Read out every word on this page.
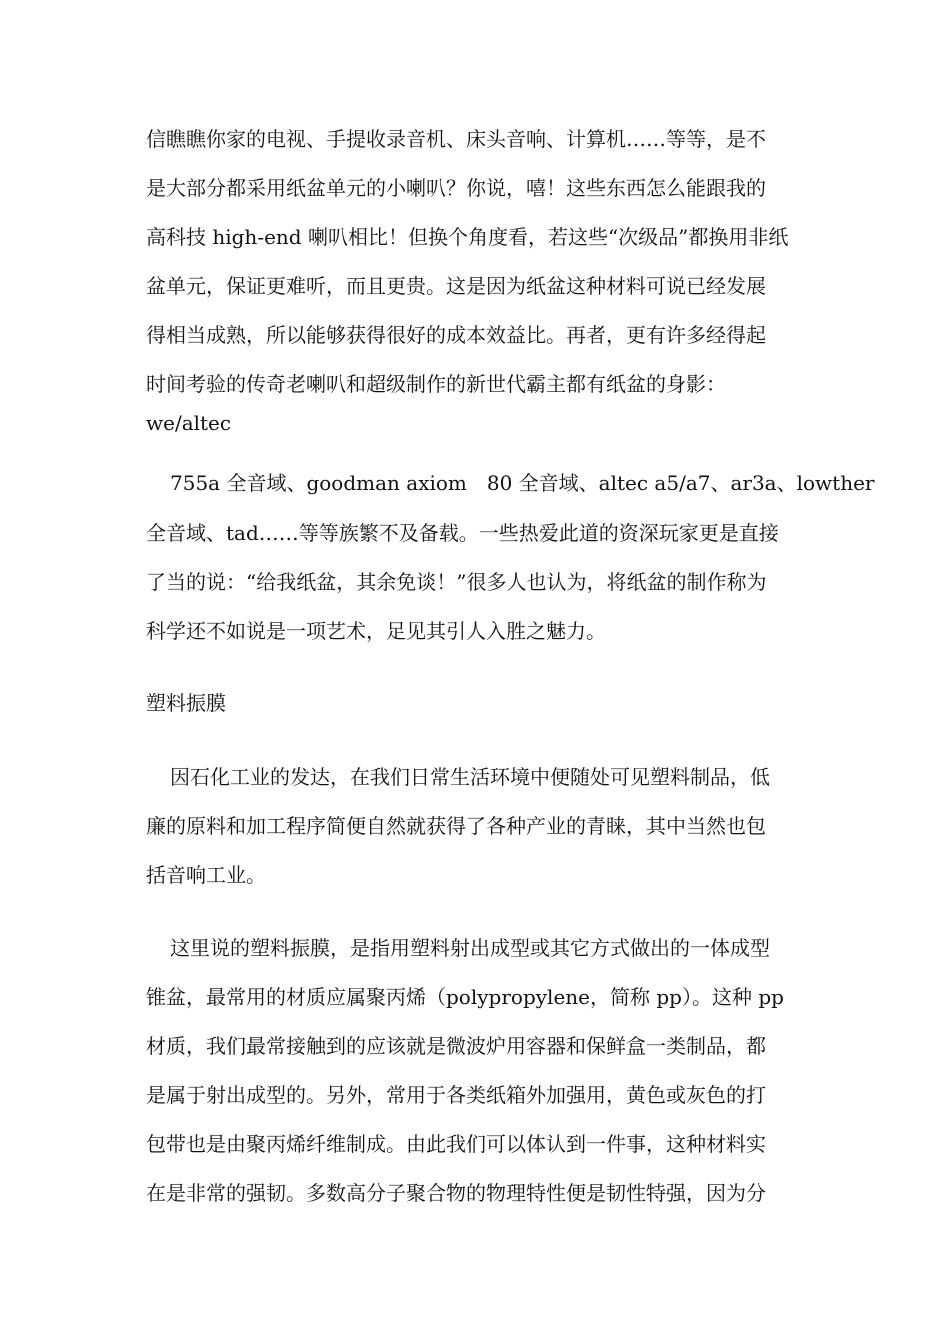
信瞧瞧你家的电视、手提收录音机、床头音响、计算机……等等，是不

是大部分都采用纸盆单元的小喇叭？你说，嘻！这些东西怎么能跟我的

高科技 high-end 喇叭相比！但换个角度看，若这些“次级品”都换用非纸

盆单元，保证更难听，而且更贵。这是因为纸盆这种材料可说已经发展

得相当成熟，所以能够获得很好的成本效益比。再者，更有许多经得起

时间考验的传奇老喇叭和超级制作的新世代霸主都有纸盆的身影：

we/altec

755a 全音域、goodman axiom　80 全音域、altec a5/a7、ar3a、lowther

全音域、tad……等等族繁不及备载。一些热爱此道的资深玩家更是直接

了当的说：“给我纸盆，其余免谈！”很多人也认为，将纸盆的制作称为

科学还不如说是一项艺术，足见其引人入胜之魅力。

塑料振膜

因石化工业的发达，在我们日常生活环境中便随处可见塑料制品，低

廉的原料和加工程序简便自然就获得了各种产业的青睐，其中当然也包

括音响工业。

这里说的塑料振膜，是指用塑料射出成型或其它方式做出的一体成型

锥盆，最常用的材质应属聚丙烯（polypropylene，简称 pp）。这种 pp

材质，我们最常接触到的应该就是微波炉用容器和保鲜盒一类制品，都

是属于射出成型的。另外，常用于各类纸箱外加强用，黄色或灰色的打

包带也是由聚丙烯纤维制成。由此我们可以体认到一件事，这种材料实

在是非常的强韧。多数高分子聚合物的物理特性便是韧性特强，因为分
